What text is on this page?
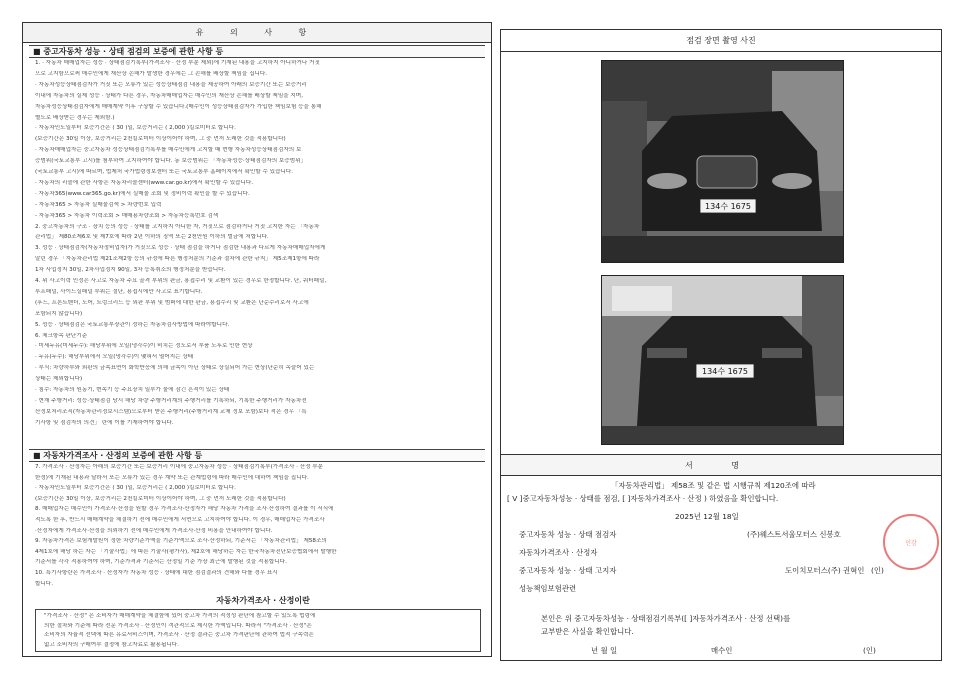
유 의 사 항
■ 중고자동차 성능 · 상태 점검의 보증에 관한 사항 등
1. · 자동차 매매업자는 성능 · 상태점검기록부(가격조사 · 산정 부분 제외)에 기재된 내용을 고지하지 아니하거나 거짓
으로 고지함으로써 매수인에게 재산상 손해가 발생한 경우에는 그 손해를 배상할 책임을 집니다.
· 자동차성능상태점검자가 거짓 또는 오류가 있는 성능상태점검 내용을 제공하여 아래의 보증기간 또는 보증거리
이내에 자동차의 실제 성능 · 상태가 다른 경우, 자동차매매업자는 매수인의 재산상 손해를 배상할 책임을 지며,
자동차성능상태점검자에게 매매계약 이후 구상할 수 있습니다.(매수인이 성능상태점검자가 가입한 책임보험 등을 통해
별도로 배상받는 경우는 제외함.)
· 자동차인도일부터 보증기간은 ( 30 )일, 보증거리는 ( 2,000 )킬로미터로 합니다.
(보증기간은 30일 이상, 보증거리는 2천킬로미터 이상이어야 하며, 그 중 먼저 도래한 것을 적용합니다)
· 자동차매매업자는 중고자동차 성능상태점검기록부를 매수인에게 고지할 때 현행 자동차성능상태점검자의 보
증범위(국토교통부 고시)를 첨부하여 고지하여야 합니다. 동 보증범위는 「자동차성능·상태점검자의 보증범위」
(국토교통부 고시)에 따르며, 법제처 국가법령정보센터 또는 국토교통부 홈페이지에서 확인할 수 있습니다.
· 자동차의 리콜에 관한 사항은 자동차리콜센터(www.car.go.kr)에서 확인할 수 있습니다.
· 자동차365(www.car365.go.kr)에서 실매물 조회 및 정비이력 확인을 할 수 있습니다.
- 자동차365 > 자동차 실매물검색 > 차량번호 입력
- 자동차365 > 자동차 이력조회 > 매매용차량조회 > 자동차등록번호 검색
2. 중고자동차의 구조 · 장치 등의 성능 · 상태를 고지하지 아니한 자, 거짓으로 점검하거나 거짓 고지한 자는 「자동차
관리법」 제80조제6호 및 제7호에 따라 2년 이하의 징역 또는 2천만원 이하의 벌금에 처합니다.
3. 성능 · 상태점검자(자동차정비업자)가 거짓으로 성능 · 상태 점검을 하거나 점검한 내용과 다르게 자동차매매업자에게
알린 경우 「자동차관리법 제21조제2항 등의 규정에 따른 행정처분의 기준과 절차에 관한 규칙」 제5조제1항에 따라
1차 사업정지 30일, 2차사업정지 90일, 3차 등록취소의 행정처분을 받습니다.
4. 위 사고이력 인정은 사고로 자동차 주요 골격 부위의 판금, 용접수리 및 교환이 있는 경우로 한정합니다. 단, 쿼터패널,
루프패널, 사이드실패널 부위는 절단, 용접시에만 사고로 표기합니다.
(후드, 프론트펜더, 도어, 트렁크리드 등 외판 부위 및 범퍼에 대한 판금, 용접수리 및 교환은 단순수리로서 사고에
포함되지 않습니다)
5. 성능 · 상태점검은 국토교통부장관이 정하는 자동차검사방법에 따라야합니다.
6. 체크항목 판단기준
· 미세누유(미세누수): 해당부위에 오일(냉각수)이 비치는 정도로서 부품 노후로 인한 현상
· 누유(누수): 해당부위에서 오일(냉각수)이 맺혀서 떨어지는 상태
· 부식: 차량하부와 외판의 금속표면이 화학반응에 의해 금속이 아닌 상태로 상실되어 가는 현상(단순히 녹슬어 있는
상태는 제외합니다)
· 침수: 자동차의 원동기, 변속기 등 주요장치 일부가 물에 잠긴 흔적이 있는 상태
· 현재 주행거리: 성능·상태점검 당시 해당 차량 주행거리계의 주행거리를 기록하되, 기록한 주행거리가 자동차전
산정보처리조직(자동차관리정보시스템)으로부터 받은 주행거리(주행거리계 교체 정보 포함)보다 적은 경우 「특
기사항 및 점검자의 의견」 란에 이를 기재하여야 합니다.
■ 자동차가격조사 · 산정의 보증에 관한 사항 등
7. 가격조사 · 산정자는 아래의 보증기간 또는 보증거리 이내에 중고자동차 성능 · 상태점검기록부(가격조사 · 산정 부분
한정)에 기재된 내용과 달라서 또는 오류가 있는 경우 계약 또는 관계법령에 따라 매수인에 대하여 책임을 집니다.
· 자동차인도일부터 보증기간은 ( 30 )일, 보증거리는 ( 2,000 )킬로미터로 합니다.
(보증기간은 30일 이상, 보증거리는 2천킬로미터 이상이어야 하며, 그 중 먼저 도래한 것을 적용합니다)
8. 매매업자는 매수인이 가격조사·산정을 원할 경우 가격조사·산정자가 해당 자동차 가격을 조사·산정하여 결과를 이 서식에
적도록 한 후, 반드시 매매계약을 체결하기 전에 매수인에게 서면으로 고지하여야 합니다. 이 경우, 매매업자는 가격조사
·산정자에게 가격조사·산정을 의뢰하기 전에 매수인에게 가격조사·산정 비용을 안내하여야 합니다.
9. 자동차가격은 보험개발원이 정한 차량기준가액을 기준가액으로 조사·산정하되, 기준서는 「자동차관리법」 제58조의
4제1호에 해당 하는 자는 「기술사법」에 따른 기술사(평가사), 제2호에 해당하는 자는 한국자동차진단보증협회에서 발행한
기준서를 각각 적용하여야 하며, 기준가격과 기준서는 산정일 기준 가장 최근에 발행된 것을 적용합니다.
10. 특기사항란은 가격조사 · 산정자가 자동차 성능 · 상태에 대한 점검결과의 견해와 다를 경우 표시
합니다.
자동차가격조사 · 산정이란
"가격조사 · 산정" 은 소비자가 매매계약을 체결함에 있어 중고차 가격의 적정성 판단에 참고할 수 있도록 법령에
의한 절차와 기준에 따라 전문 가격조사 · 산정인이 객관적으로 제시한 가액입니다. 따라서 "가격조사 · 산정"은
소비자의 자율적 선택에 따른 유료서비스이며, 가격조사 · 산정 결과는 중고차 가격판단에 관하여 법적 구속력은
없고 소비자의 구매여부 결정에 참고자료로 활용됩니다.
점검 장면 촬영 사진
134수 1675
134수 1675
서 명
「자동차관리법」 제58조 및 같은 법 시행규칙 제120조에 따라
[ V ]중고자동차성능 · 상태를 점검, [ ]자동차가격조사 · 산정 ) 하였음을 확인합니다.
2025년 12월 18일
중고자동차 성능 · 상태 점검자	(주)웨스트서울모터스 신봉호
자동차가격조사 · 산정자
중고자동차 성능 · 상태 고지자	도이치모터스(주) 권혁인 (인)
성능책임보험관련
인감
본인은 위 중고자동차성능 · 상태점검기록부([ ]자동차가격조사 · 산정 선택)를
교부받은 사실을 확인합니다.
년 월 일	매수인	(인)
